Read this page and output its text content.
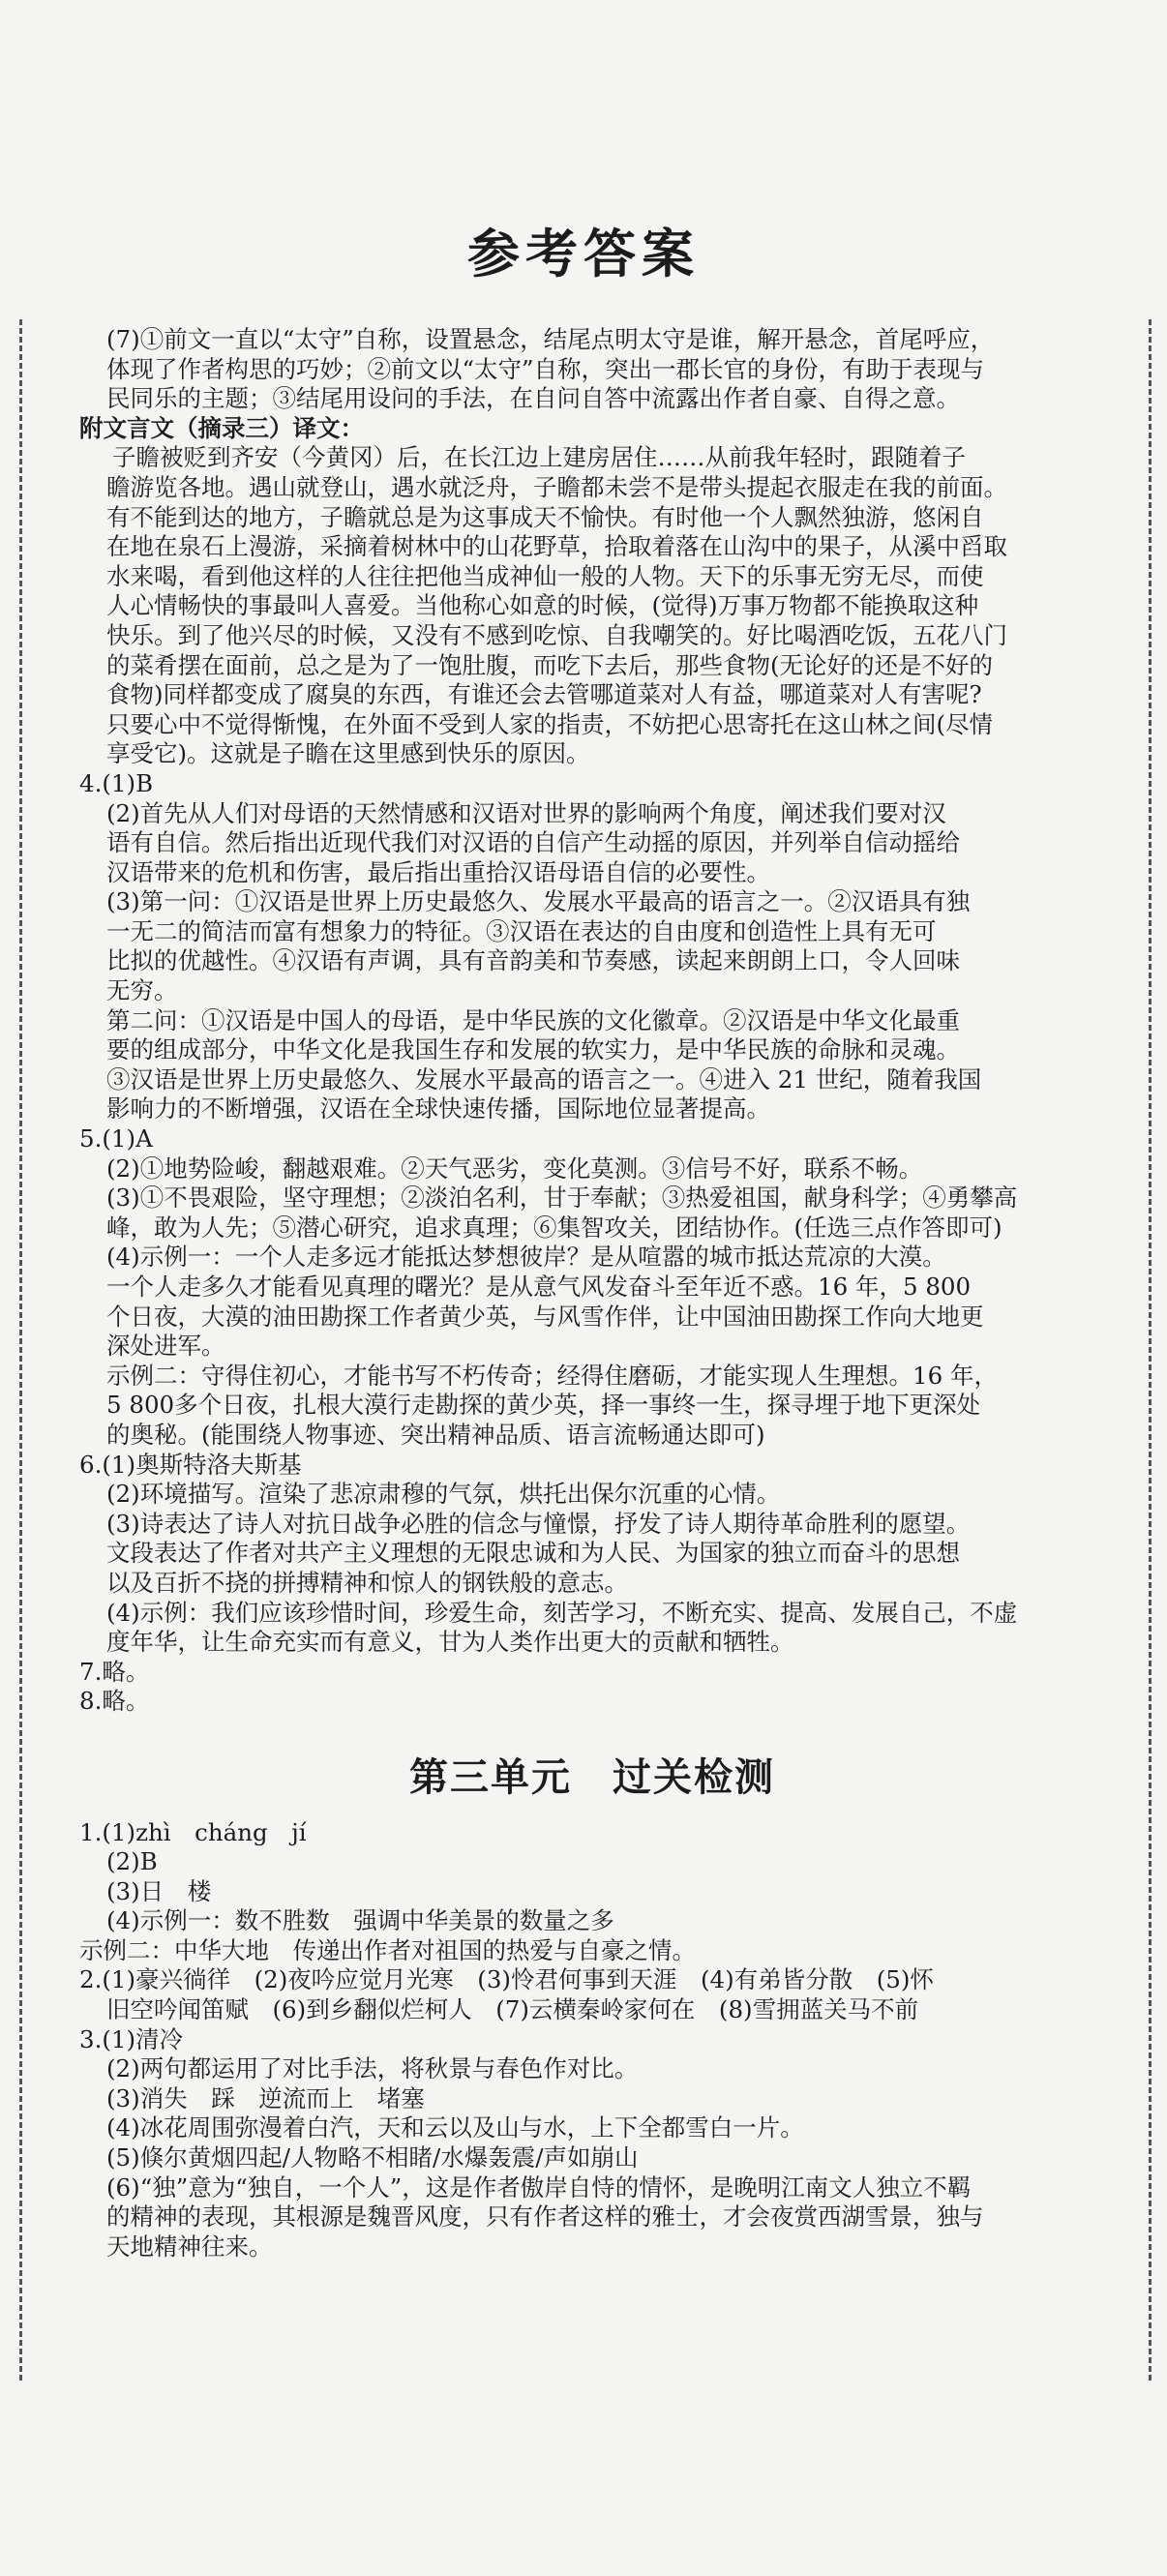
参考答案
(7)①前文一直以“太守”自称，设置悬念，结尾点明太守是谁，解开悬念，首尾呼应，
体现了作者构思的巧妙；②前文以“太守”自称，突出一郡长官的身份，有助于表现与
民同乐的主题；③结尾用设问的手法，在自问自答中流露出作者自豪、自得之意。
附文言文（摘录三）译文：
子瞻被贬到齐安（今黄冈）后，在长江边上建房居住……从前我年轻时，跟随着子
瞻游览各地。遇山就登山，遇水就泛舟，子瞻都未尝不是带头提起衣服走在我的前面。
有不能到达的地方，子瞻就总是为这事成天不愉快。有时他一个人飘然独游，悠闲自
在地在泉石上漫游，采摘着树林中的山花野草，拾取着落在山沟中的果子，从溪中舀取
水来喝，看到他这样的人往往把他当成神仙一般的人物。天下的乐事无穷无尽，而使
人心情畅快的事最叫人喜爱。当他称心如意的时候，(觉得)万事万物都不能换取这种
快乐。到了他兴尽的时候，又没有不感到吃惊、自我嘲笑的。好比喝酒吃饭，五花八门
的菜肴摆在面前，总之是为了一饱肚腹，而吃下去后，那些食物(无论好的还是不好的
食物)同样都变成了腐臭的东西，有谁还会去管哪道菜对人有益，哪道菜对人有害呢?
只要心中不觉得惭愧，在外面不受到人家的指责，不妨把心思寄托在这山林之间(尽情
享受它)。这就是子瞻在这里感到快乐的原因。
4.(1)B
(2)首先从人们对母语的天然情感和汉语对世界的影响两个角度，阐述我们要对汉
语有自信。然后指出近现代我们对汉语的自信产生动摇的原因，并列举自信动摇给
汉语带来的危机和伤害，最后指出重拾汉语母语自信的必要性。
(3)第一问：①汉语是世界上历史最悠久、发展水平最高的语言之一。②汉语具有独
一无二的简洁而富有想象力的特征。③汉语在表达的自由度和创造性上具有无可
比拟的优越性。④汉语有声调，具有音韵美和节奏感，读起来朗朗上口，令人回味
无穷。
第二问：①汉语是中国人的母语，是中华民族的文化徽章。②汉语是中华文化最重
要的组成部分，中华文化是我国生存和发展的软实力，是中华民族的命脉和灵魂。
③汉语是世界上历史最悠久、发展水平最高的语言之一。④进入 21 世纪，随着我国
影响力的不断增强，汉语在全球快速传播，国际地位显著提高。
5.(1)A
(2)①地势险峻，翻越艰难。②天气恶劣，变化莫测。③信号不好，联系不畅。
(3)①不畏艰险，坚守理想；②淡泊名利，甘于奉献；③热爱祖国，献身科学；④勇攀高
峰，敢为人先；⑤潜心研究，追求真理；⑥集智攻关，团结协作。(任选三点作答即可)
(4)示例一：一个人走多远才能抵达梦想彼岸？是从喧嚣的城市抵达荒凉的大漠。
一个人走多久才能看见真理的曙光？是从意气风发奋斗至年近不惑。16 年，5 800
个日夜，大漠的油田勘探工作者黄少英，与风雪作伴，让中国油田勘探工作向大地更
深处进军。
示例二：守得住初心，才能书写不朽传奇；经得住磨砺，才能实现人生理想。16 年，
5 800多个日夜，扎根大漠行走勘探的黄少英，择一事终一生，探寻埋于地下更深处
的奥秘。(能围绕人物事迹、突出精神品质、语言流畅通达即可)
6.(1)奥斯特洛夫斯基
(2)环境描写。渲染了悲凉肃穆的气氛，烘托出保尔沉重的心情。
(3)诗表达了诗人对抗日战争必胜的信念与憧憬，抒发了诗人期待革命胜利的愿望。
文段表达了作者对共产主义理想的无限忠诚和为人民、为国家的独立而奋斗的思想
以及百折不挠的拼搏精神和惊人的钢铁般的意志。
(4)示例：我们应该珍惜时间，珍爱生命，刻苦学习，不断充实、提高、发展自己，不虚
度年华，让生命充实而有意义，甘为人类作出更大的贡献和牺牲。
7.略。
8.略。
第三单元　过关检测
1.(1)zhì　cháng　jí
(2)B
(3)日　楼
(4)示例一：数不胜数　强调中华美景的数量之多
示例二：中华大地　传递出作者对祖国的热爱与自豪之情。
2.(1)豪兴徜徉　(2)夜吟应觉月光寒　(3)怜君何事到天涯　(4)有弟皆分散　(5)怀
旧空吟闻笛赋　(6)到乡翻似烂柯人　(7)云横秦岭家何在　(8)雪拥蓝关马不前
3.(1)清冷
(2)两句都运用了对比手法，将秋景与春色作对比。
(3)消失　踩　逆流而上　堵塞
(4)冰花周围弥漫着白汽，天和云以及山与水，上下全都雪白一片。
(5)倏尔黄烟四起/人物略不相睹/水爆轰震/声如崩山
(6)“独”意为“独自，一个人”，这是作者傲岸自恃的情怀，是晚明江南文人独立不羁
的精神的表现，其根源是魏晋风度，只有作者这样的雅士，才会夜赏西湖雪景，独与
天地精神往来。
